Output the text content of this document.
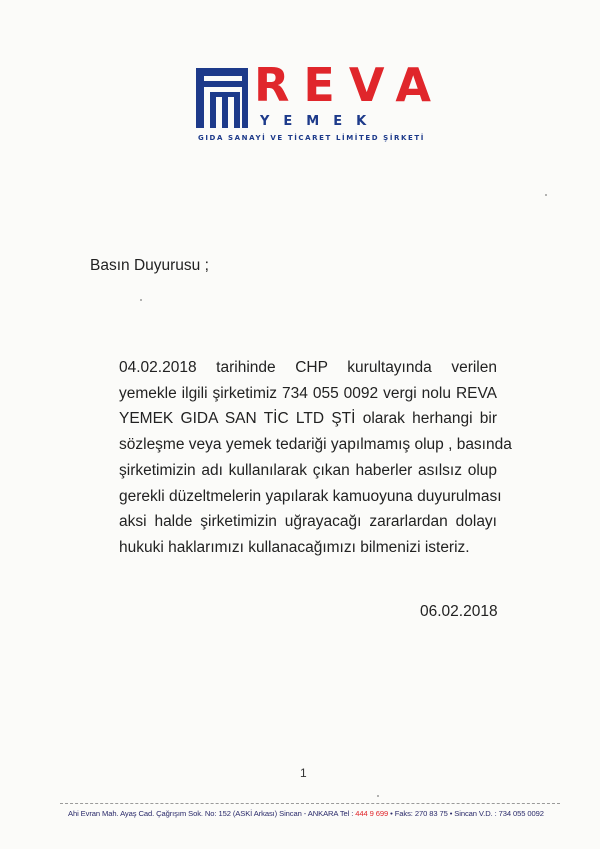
REVA
YEMEK
GIDA SANAYİ VE TİCARET LİMİTED ŞİRKETİ
Basın Duyurusu ;
04.02.2018 tarihinde CHP kurultayında verilen
yemekle ilgili şirketimiz 734 055 0092 vergi nolu REVA
YEMEK GIDA SAN TİC LTD ŞTİ olarak herhangi bir
sözleşme veya yemek tedariği yapılmamış olup , basında
şirketimizin adı kullanılarak çıkan haberler asılsız olup
gerekli düzeltmelerin yapılarak kamuoyuna duyurulması
aksi halde şirketimizin uğrayacağı zararlardan dolayı
hukuki haklarımızı kullanacağımızı bilmenizi isteriz.
06.02.2018
1
Ahi Evran Mah. Ayaş Cad. Çağrışım Sok. No: 152 (ASKİ Arkası) Sincan - ANKARA Tel : 444 9 699 • Faks: 270 83 75 • Sincan V.D. : 734 055 0092
